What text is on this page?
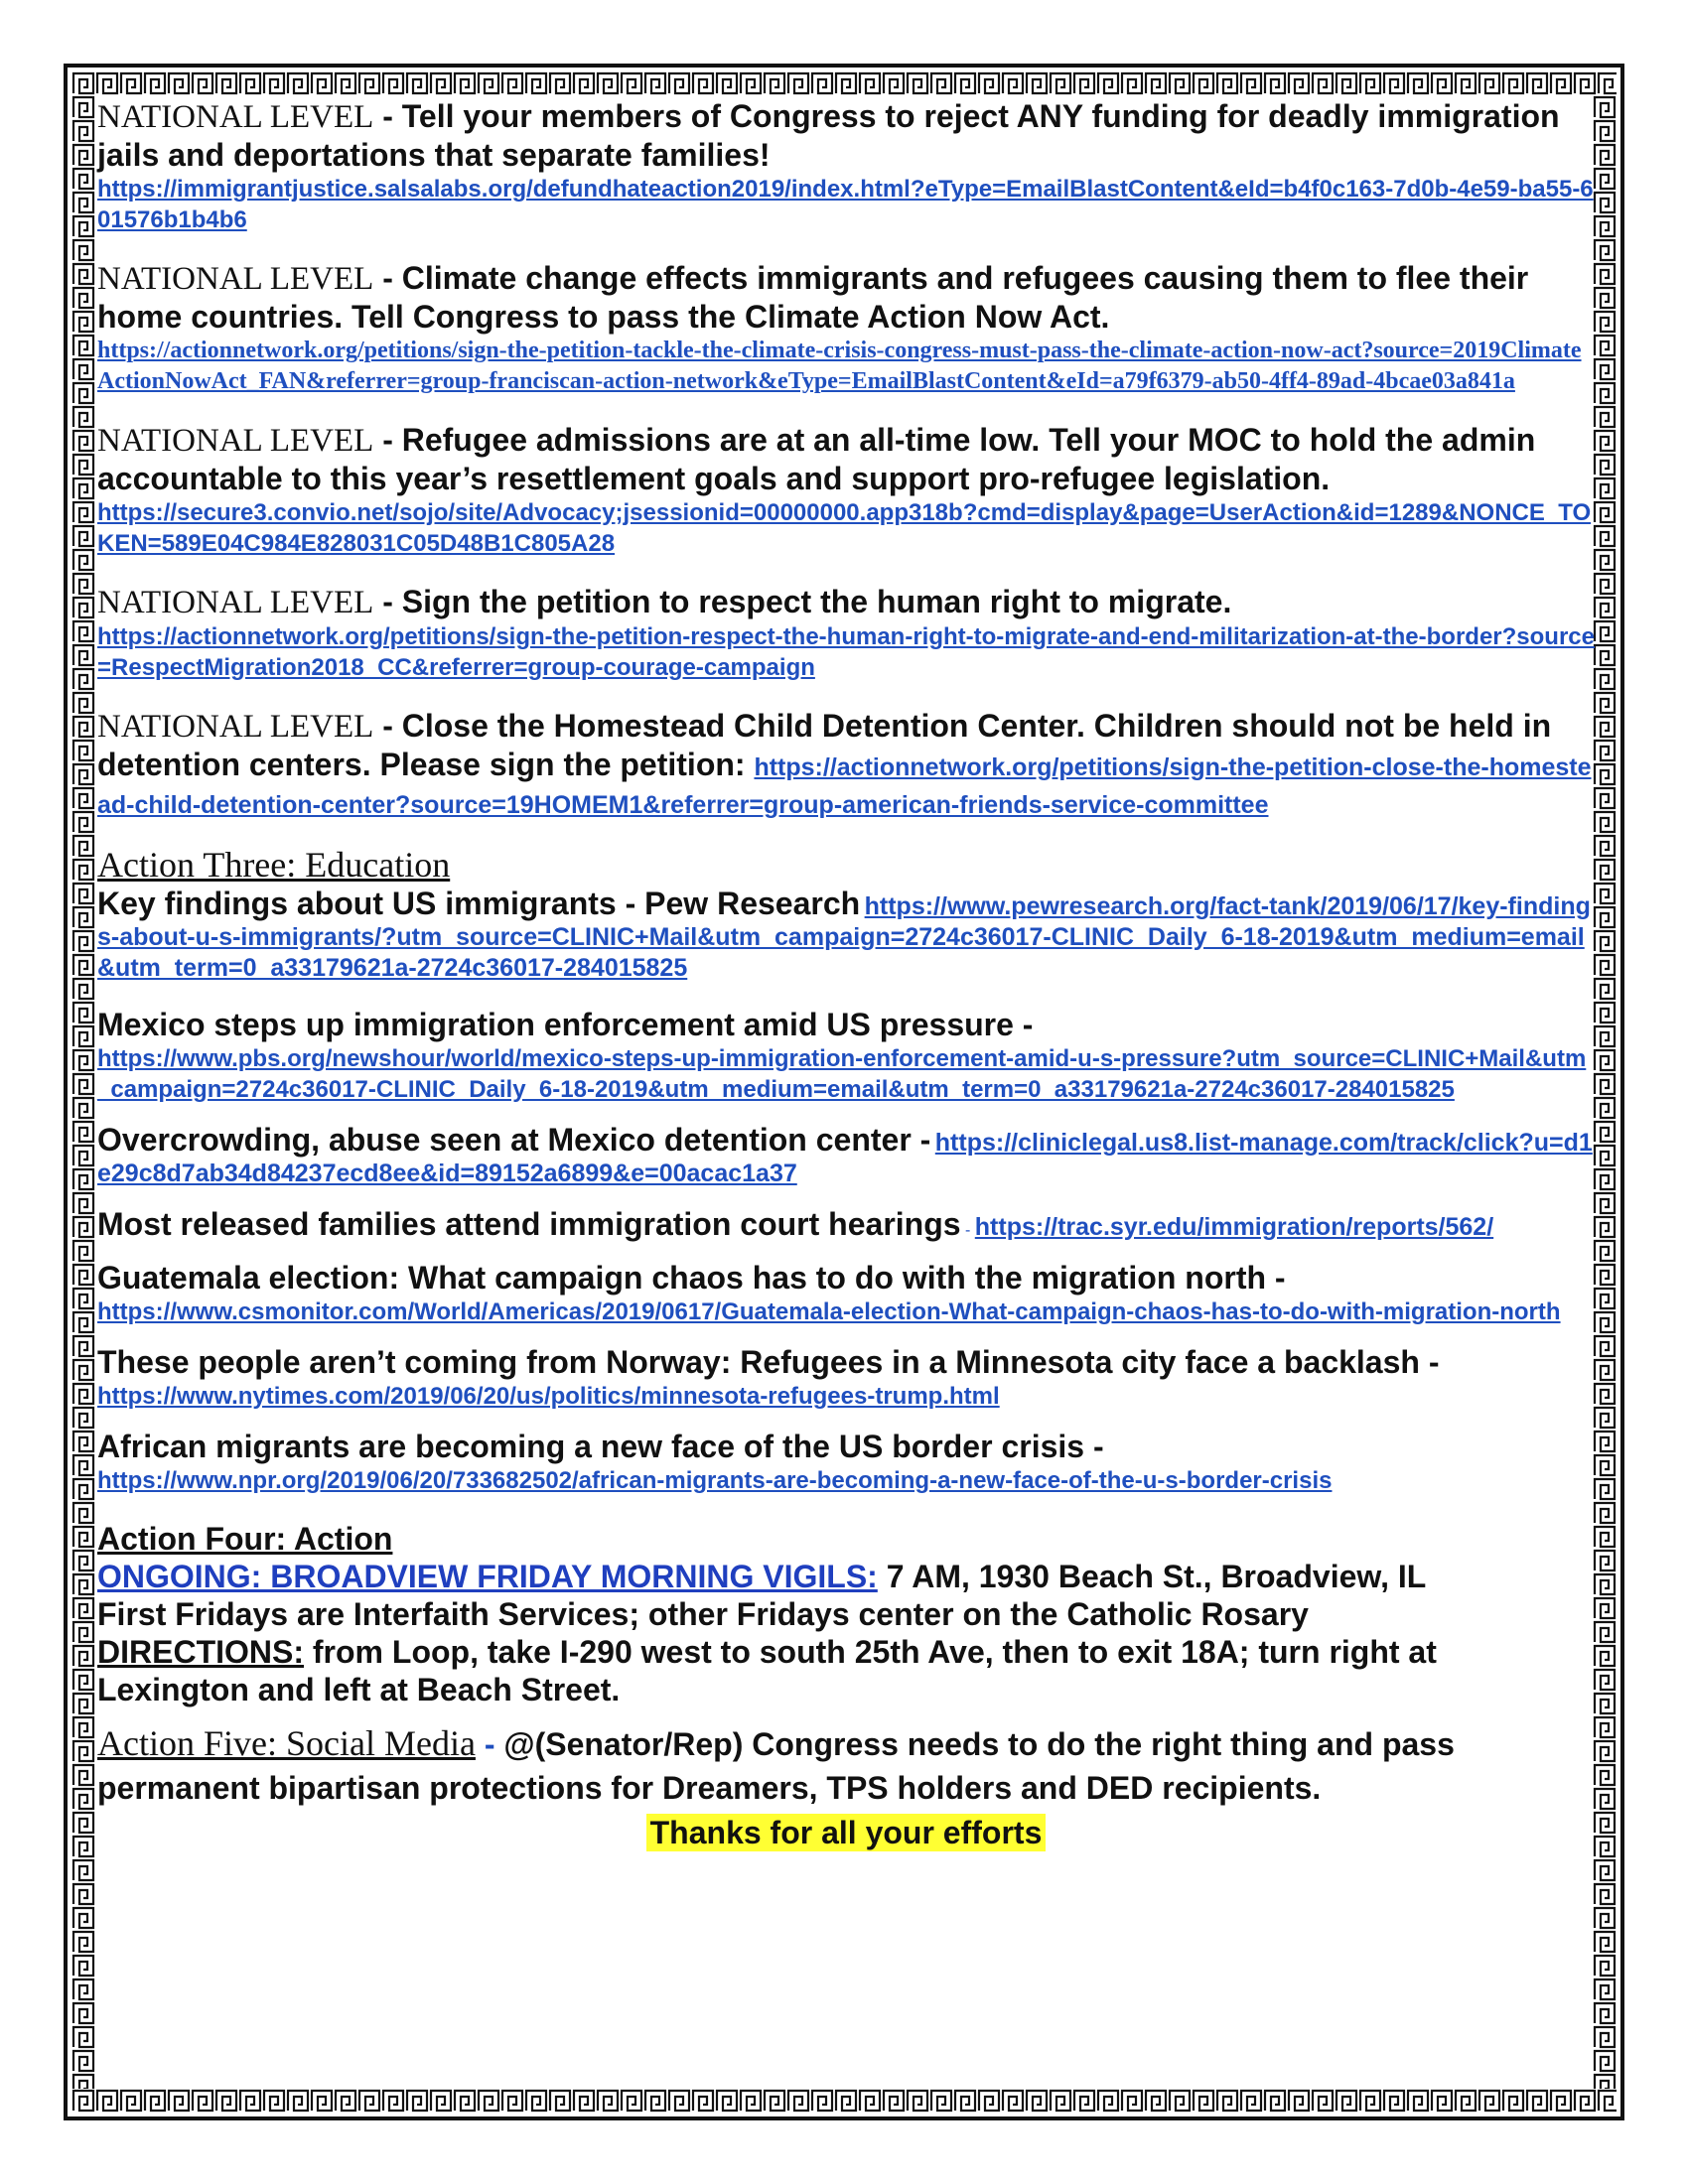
NATIONAL LEVEL - Tell your members of Congress to reject ANY funding for deadly immigration jails and deportations that separate families!
https://immigrantjustice.salsalabs.org/defundhateaction2019/index.html?eType=EmailBlastContent&eId=b4f0c163-7d0b-4e59-ba55-601576b1b4b6
NATIONAL LEVEL - Climate change effects immigrants and refugees causing them to flee their home countries. Tell Congress to pass the Climate Action Now Act.
https://actionnetwork.org/petitions/sign-the-petition-tackle-the-climate-crisis-congress-must-pass-the-climate-action-now-act?source=2019ClimateActionNowAct_FAN&referrer=group-franciscan-action-network&eType=EmailBlastContent&eId=a79f6379-ab50-4ff4-89ad-4bcae03a841a
NATIONAL LEVEL - Refugee admissions are at an all-time low. Tell your MOC to hold the admin accountable to this year’s resettlement goals and support pro-refugee legislation.
https://secure3.convio.net/sojo/site/Advocacy;jsessionid=00000000.app318b?cmd=display&page=UserAction&id=1289&NONCE_TOKEN=589E04C984E828031C05D48B1C805A28
NATIONAL LEVEL - Sign the petition to respect the human right to migrate.
https://actionnetwork.org/petitions/sign-the-petition-respect-the-human-right-to-migrate-and-end-militarization-at-the-border?source=RespectMigration2018_CC&referrer=group-courage-campaign
NATIONAL LEVEL - Close the Homestead Child Detention Center. Children should not be held in detention centers. Please sign the petition: https://actionnetwork.org/petitions/sign-the-petition-close-the-homestead-child-detention-center?source=19HOMEM1&referrer=group-american-friends-service-committee
Action Three: Education
Key findings about US immigrants - Pew Research https://www.pewresearch.org/fact-tank/2019/06/17/key-findings-about-u-s-immigrants/?utm_source=CLINIC+Mail&utm_campaign=2724c36017-CLINIC_Daily_6-18-2019&utm_medium=email&utm_term=0_a33179621a-2724c36017-284015825
Mexico steps up immigration enforcement amid US pressure -
https://www.pbs.org/newshour/world/mexico-steps-up-immigration-enforcement-amid-u-s-pressure?utm_source=CLINIC+Mail&utm_campaign=2724c36017-CLINIC_Daily_6-18-2019&utm_medium=email&utm_term=0_a33179621a-2724c36017-284015825
Overcrowding, abuse seen at Mexico detention center - https://cliniclegal.us8.list-manage.com/track/click?u=d1e29c8d7ab34d84237ecd8ee&id=89152a6899&e=00acac1a37
Most released families attend immigration court hearings - https://trac.syr.edu/immigration/reports/562/
Guatemala election: What campaign chaos has to do with the migration north -
https://www.csmonitor.com/World/Americas/2019/0617/Guatemala-election-What-campaign-chaos-has-to-do-with-migration-north
These people aren’t coming from Norway: Refugees in a Minnesota city face a backlash -
https://www.nytimes.com/2019/06/20/us/politics/minnesota-refugees-trump.html
African migrants are becoming a new face of the US border crisis -
https://www.npr.org/2019/06/20/733682502/african-migrants-are-becoming-a-new-face-of-the-u-s-border-crisis
Action Four: Action
ONGOING: BROADVIEW FRIDAY MORNING VIGILS: 7 AM, 1930 Beach St., Broadview, IL
First Fridays are Interfaith Services; other Fridays center on the Catholic Rosary
DIRECTIONS: from Loop, take I-290 west to south 25th Ave, then to exit 18A; turn right at Lexington and left at Beach Street.
Action Five: Social Media - @(Senator/Rep) Congress needs to do the right thing and pass permanent bipartisan protections for Dreamers, TPS holders and DED recipients.
Thanks for all your efforts
